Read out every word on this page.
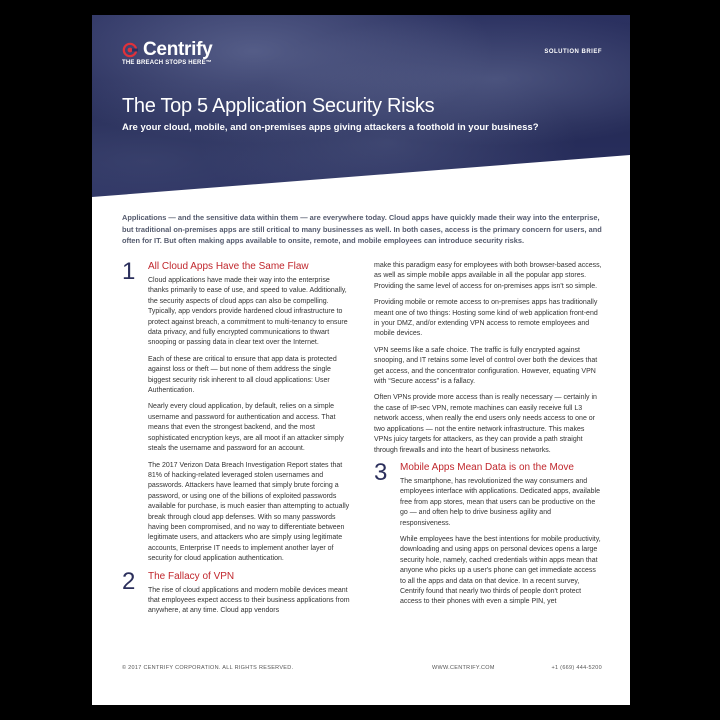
Centrify
THE BREACH STOPS HERE™
SOLUTION BRIEF
The Top 5 Application Security Risks
Are your cloud, mobile, and on-premises apps giving attackers a foothold in your business?
Applications — and the sensitive data within them — are everywhere today. Cloud apps have quickly made their way into the enterprise, but traditional on-premises apps are still critical to many businesses as well. In both cases, access is the primary concern for users, and often for IT. But often making apps available to onsite, remote, and mobile employees can introduce security risks.
1 All Cloud Apps Have the Same Flaw

Cloud applications have made their way into the enterprise thanks primarily to ease of use, and speed to value. Additionally, the security aspects of cloud apps can also be compelling. Typically, app vendors provide hardened cloud infrastructure to protect against breach, a commitment to multi-tenancy to ensure data privacy, and fully encrypted communications to thwart snooping or passing data in clear text over the Internet.

Each of these are critical to ensure that app data is protected against loss or theft — but none of them address the single biggest security risk inherent to all cloud applications: User Authentication.

Nearly every cloud application, by default, relies on a simple username and password for authentication and access. That means that even the strongest backend, and the most sophisticated encryption keys, are all moot if an attacker simply steals the username and password for an account.

The 2017 Verizon Data Breach Investigation Report states that 81% of hacking-related leveraged stolen usernames and passwords. Attackers have learned that simply brute forcing a password, or using one of the billions of exploited passwords available for purchase, is much easier than attempting to actually break through cloud app defenses. With so many passwords having been compromised, and no way to differentiate between legitimate users, and attackers who are simply using legitimate accounts, Enterprise IT needs to implement another layer of security for cloud application authentication.

2 The Fallacy of VPN

The rise of cloud applications and modern mobile devices meant that employees expect access to their business applications from anywhere, at any time. Cloud app vendors

make this paradigm easy for employees with both browser-based access, as well as simple mobile apps available in all the popular app stores. Providing the same level of access for on-premises apps isn't so simple.

Providing mobile or remote access to on-premises apps has traditionally meant one of two things: Hosting some kind of web application front-end in your DMZ, and/or extending VPN access to remote employees and mobile devices.

VPN seems like a safe choice. The traffic is fully encrypted against snooping, and IT retains some level of control over both the devices that get access, and the concentrator configuration. However, equating VPN with “Secure access” is a fallacy.

Often VPNs provide more access than is really necessary — certainly in the case of IP-sec VPN, remote machines can easily receive full L3 network access, when really the end users only needs access to one or two applications — not the entire network infrastructure. This makes VPNs juicy targets for attackers, as they can provide a path straight through firewalls and into the heart of business networks.

3 Mobile Apps Mean Data is on the Move

The smartphone, has revolutionized the way consumers and employees interface with applications. Dedicated apps, available free from app stores, mean that users can be productive on the go — and often help to drive business agility and responsiveness.

While employees have the best intentions for mobile productivity, downloading and using apps on personal devices opens a large security hole, namely, cached credentials within apps mean that anyone who picks up a user's phone can get immediate access to all the apps and data on that device. In a recent survey, Centrify found that nearly two thirds of people don't protect access to their phones with even a simple PIN, yet

© 2017 CENTRIFY CORPORATION. ALL RIGHTS RESERVED.	WWW.CENTRIFY.COM	+1 (669) 444-5200
